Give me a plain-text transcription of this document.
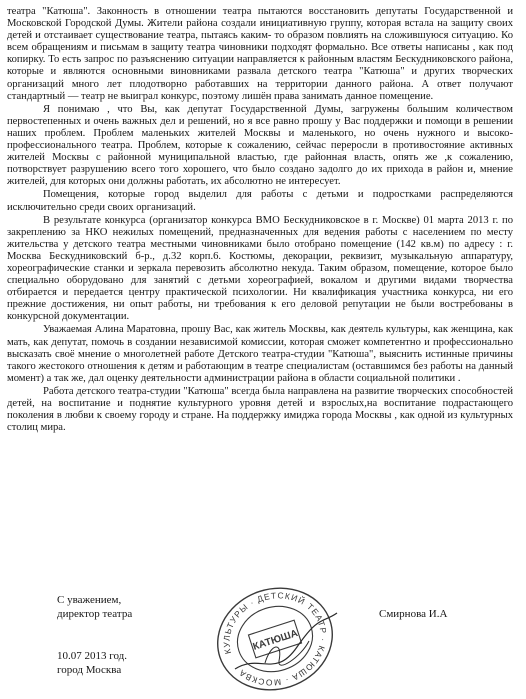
театра "Катюша". Законность в отношении театра пытаются восстановить депутаты Государственной и Московской Городской Думы. Жители района создали инициативную группу, которая встала на защиту своих детей и отстаивает существование театра, пытаясь каким- то образом повлиять на сложившуюся ситуацию. Ко всем обращениям и письмам в защиту театра чиновники подходят формально. Все ответы написаны , как под копирку. То есть запрос по разъяснению ситуации направляется к районным властям Бескудниковского района, которые и являются основными виновниками развала детского театра "Катюша" и других творческих организаций много лет плодотворно работавших на территории данного района. А ответ получают стандартный — театр не выиграл конкурс, поэтому лишён права занимать данное помещение.

Я понимаю , что Вы, как депутат Государственной Думы, загружены большим количеством первостепенных и очень важных дел и решений, но я все равно прошу у Вас поддержки и помощи в решении наших проблем. Проблем маленьких жителей Москвы и маленького, но очень нужного и высоко-профессионального театра. Проблем, которые к сожалению, сейчас переросли в противостояние активных жителей Москвы с районной муниципальной властью, где районная власть, опять же ,к сожалению, потворствует разрушению всего того хорошего, что было создано задолго до их прихода в район и, мнение жителей, для которых они должны работать, их абсолютно не интересует.

Помещения, которые город выделил для работы с детьми и подростками распределяются исключительно среди своих организаций.

В результате конкурса (организатор конкурса ВМО Бескудниковское в г. Москве) 01 марта 2013 г. по закреплению за НКО нежилых помещений, предназначенных для ведения работы с населением по месту жительства у детского театра местными чиновниками было отобрано помещение (142 кв.м) по адресу : г. Москва Бескудниковский б-р., д.32 корп.6. Костюмы, декорации, реквизит, музыкальную аппаратуру, хореографические станки и зеркала перевозить абсолютно некуда. Таким образом, помещение, которое было специально оборудовано для занятий с детьми хореографией, вокалом и другими видами творчества отбирается и передается центру практической психологии. Ни квалификация участника конкурса, ни его прежние достижения, ни опыт работы, ни требования к его деловой репутации не были востребованы в конкурсной документации.

Уважаемая Алина Маратовна, прошу Вас, как житель Москвы, как деятель культуры, как женщина, как мать, как депутат, помочь в создании независимой комиссии, которая сможет компетентно и профессионально высказать своё мнение о многолетней работе Детского театра-студии "Катюша", выяснить истинные причины такого жестокого отношения к детям и работающим в театре специалистам (оставшимся без работы на данный момент) а так же, дал оценку деятельности администрации района в области социальной политики .

Работа детского театра-студии "Катюша" всегда была направлена на развитие творческих способностей детей, на воспитание и поднятие культурного уровня детей и взрослых,на воспитание подрастающего поколения в любви к своему городу и стране. На поддержку имиджа города Москвы , как одной из культурных столиц мира.

С уважением,
директор театра
10.07 2013 год.
город Москва
Смирнова И.А
КУЛЬТУРЫ · ДЕТСКИЙ ТЕАТР · КАТЮША · МОСКВА
КАТЮША
